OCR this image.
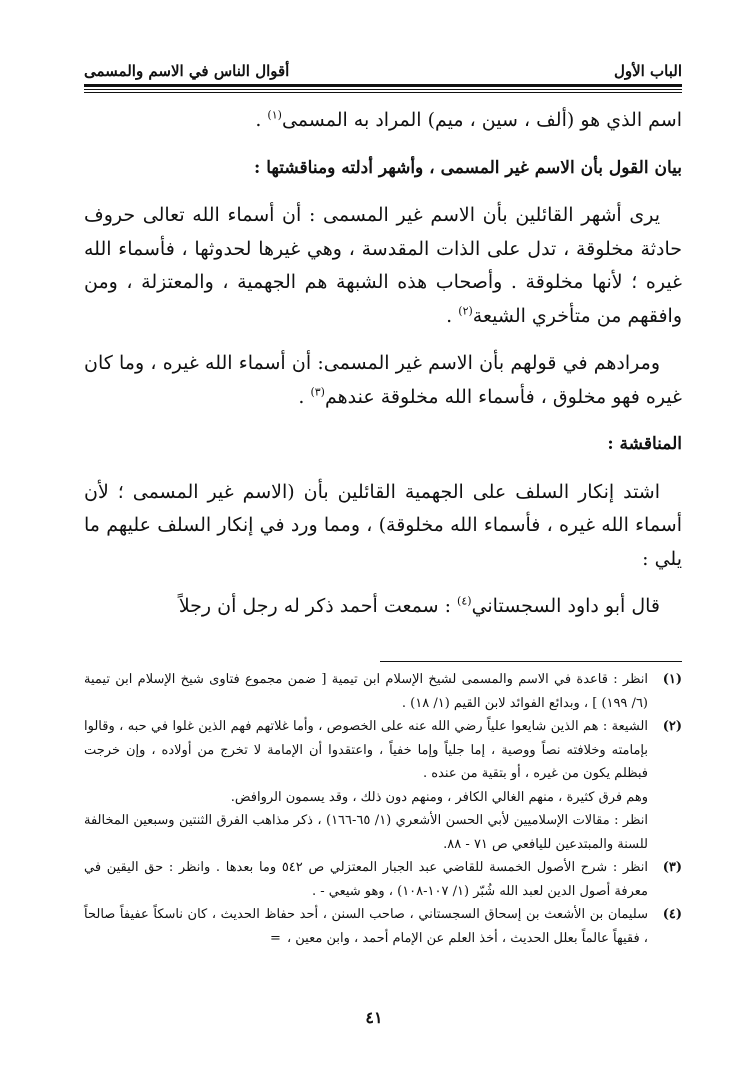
الباب الأول
أقوال الناس في الاسم والمسمى

اسم الذي هو (ألف ، سين ، ميم) المراد به المسمى$^{(١)}$ .

بيان القول بأن الاسم غير المسمى ، وأشهر أدلته ومناقشتها :

يرى أشهر القائلين بأن الاسم غير المسمى : أن أسماء الله تعالى حروف حادثة مخلوقة ، تدل على الذات المقدسة ، وهي غيرها لحدوثها ، فأسماء الله غيره ؛ لأنها مخلوقة . وأصحاب هذه الشبهة هم الجهمية ، والمعتزلة ، ومن وافقهم من متأخري الشيعة$^{(٢)}$ .

ومرادهم في قولهم بأن الاسم غير المسمى: أن أسماء الله غيره ، وما كان غيره فهو مخلوق ، فأسماء الله مخلوقة عندهم$^{(٣)}$ .

المناقشة :

اشتد إنكار السلف على الجهمية القائلين بأن (الاسم غير المسمى ؛ لأن أسماء الله غيره ، فأسماء الله مخلوقة) ، ومما ورد في إنكار السلف عليهم ما يلي :

قال أبو داود السجستاني$^{(٤)}$ : سمعت أحمد ذكر له رجل أن رجلاً

(١)
انظر : قاعدة في الاسم والمسمى لشيخ الإسلام ابن تيمية [ ضمن مجموع فتاوى شيخ الإسلام ابن تيمية (٦/ ١٩٩) ] ، وبدائع الفوائد لابن القيم (١/ ١٨) .
(٢)
الشيعة : هم الذين شايعوا علياً رضي الله عنه على الخصوص ، وأما غلاتهم فهم الذين غلوا في حبه ، وقالوا بإمامته وخلافته نصاً ووصية ، إما جلياً وإما خفياً ، واعتقدوا أن الإمامة لا تخرج من أولاده ، وإن خرجت فبظلم يكون من غيره ، أو بتقية من عنده .
وهم فرق كثيرة ، منهم الغالي الكافر ، ومنهم دون ذلك ، وقد يسمون الروافض.
انظر : مقالات الإسلاميين لأبي الحسن الأشعري (١/ ٦٥-١٦٦) ، ذكر مذاهب الفرق الثنتين وسبعين المخالفة للسنة والمبتدعين لليافعي ص ٧١ - ٨٨.
(٣)
انظر : شرح الأصول الخمسة للقاضي عبد الجبار المعتزلي ص ٥٤٢ وما بعدها . وانظر : حق اليقين في معرفة أصول الدين لعبد الله شُبّر (١/ ١٠٧-١٠٨) ، وهو شيعي - .
(٤)
سليمان بن الأشعث بن إسحاق السجستاني ، صاحب السنن ، أحد حفاظ الحديث ، كان ناسكاً عفيفاً صالحاً ، فقيهاً عالماً بعلل الحديث ، أخذ العلم عن الإمام أحمد ، وابن معين ،=
٤١
